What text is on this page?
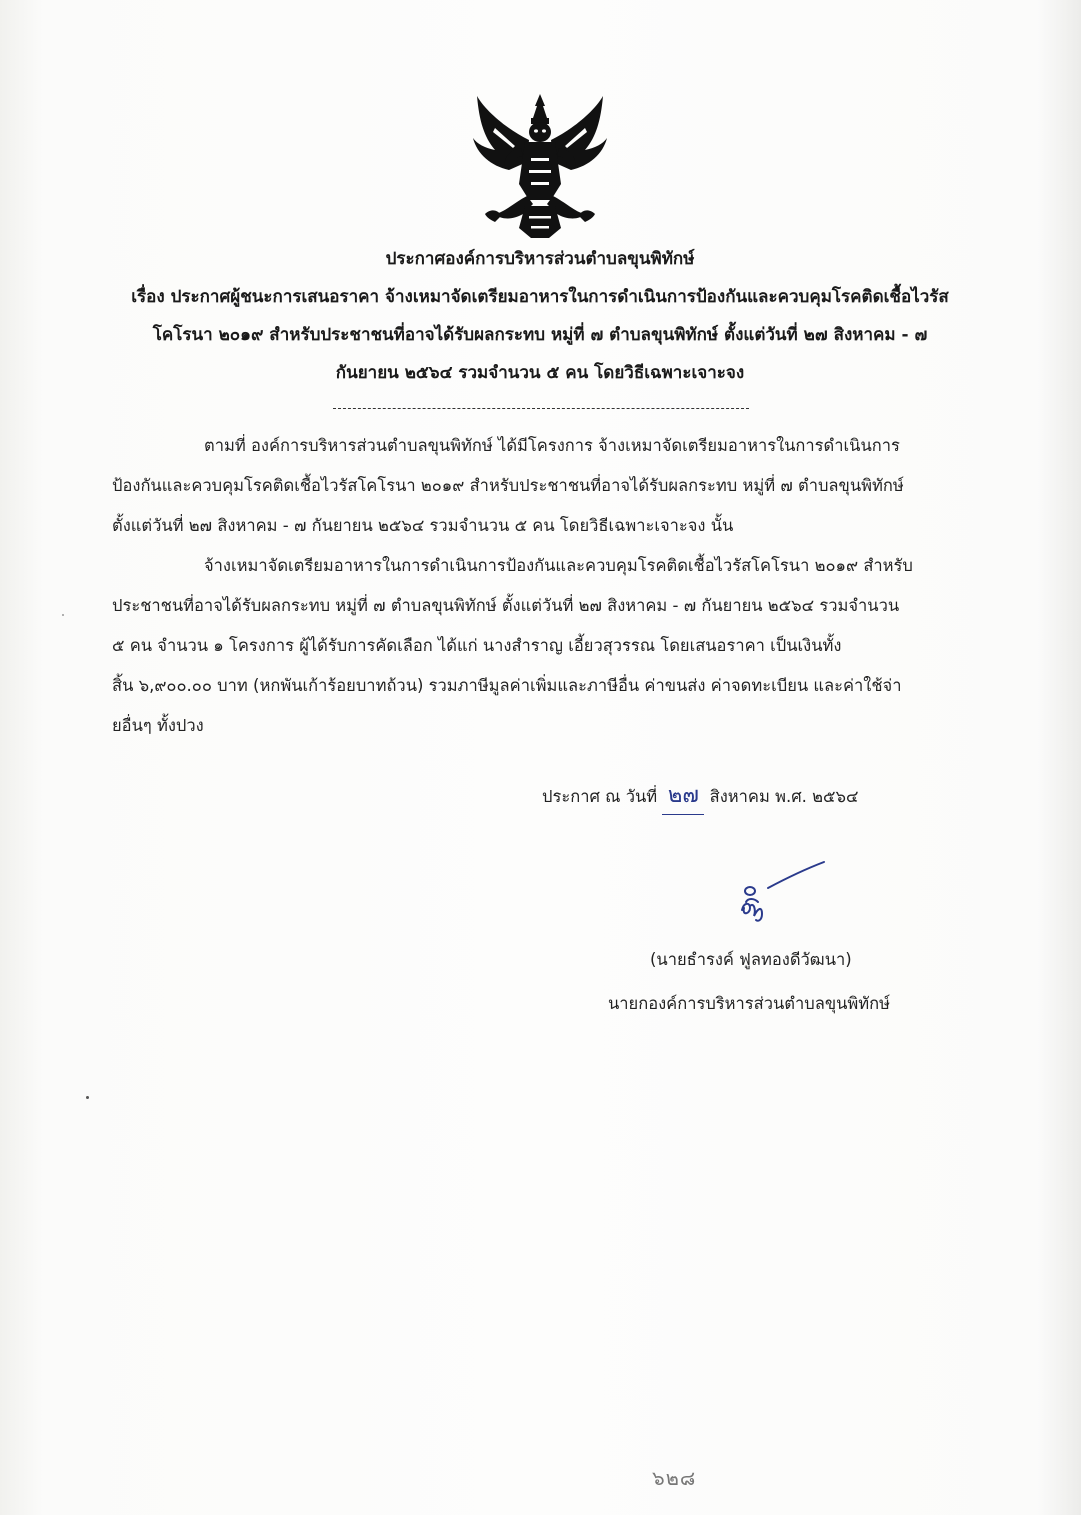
ประกาศองค์การบริหารส่วนตำบลขุนพิทักษ์
เรื่อง ประกาศผู้ชนะการเสนอราคา จ้างเหมาจัดเตรียมอาหารในการดำเนินการป้องกันและควบคุมโรคติดเชื้อไวรัส
โคโรนา ๒๐๑๙ สำหรับประชาชนที่อาจได้รับผลกระทบ หมู่ที่ ๗ ตำบลขุนพิทักษ์ ตั้งแต่วันที่ ๒๗ สิงหาคม - ๗
กันยายน ๒๕๖๔ รวมจำนวน ๕ คน โดยวิธีเฉพาะเจาะจง
ตามที่ องค์การบริหารส่วนตำบลขุนพิทักษ์ ได้มีโครงการ จ้างเหมาจัดเตรียมอาหารในการดำเนินการ
ป้องกันและควบคุมโรคติดเชื้อไวรัสโคโรนา ๒๐๑๙ สำหรับประชาชนที่อาจได้รับผลกระทบ หมู่ที่ ๗ ตำบลขุนพิทักษ์
ตั้งแต่วันที่ ๒๗ สิงหาคม - ๗ กันยายน ๒๕๖๔ รวมจำนวน ๕ คน โดยวิธีเฉพาะเจาะจง นั้น
จ้างเหมาจัดเตรียมอาหารในการดำเนินการป้องกันและควบคุมโรคติดเชื้อไวรัสโคโรนา ๒๐๑๙ สำหรับ
ประชาชนที่อาจได้รับผลกระทบ หมู่ที่ ๗ ตำบลขุนพิทักษ์ ตั้งแต่วันที่ ๒๗ สิงหาคม - ๗ กันยายน ๒๕๖๔ รวมจำนวน
๕ คน จำนวน ๑ โครงการ ผู้ได้รับการคัดเลือก ได้แก่ นางสำราญ เอี้ยวสุวรรณ โดยเสนอราคา เป็นเงินทั้ง
สิ้น ๖,๙๐๐.๐๐ บาท (หกพันเก้าร้อยบาทถ้วน) รวมภาษีมูลค่าเพิ่มและภาษีอื่น ค่าขนส่ง ค่าจดทะเบียน และค่าใช้จ่า
ยอื่นๆ ทั้งปวง
ประกาศ ณ วันที่ ๒๗ สิงหาคม พ.ศ. ๒๕๖๔
(นายธำรงค์ ฟูลทองดีวัฒนา)
นายกองค์การบริหารส่วนตำบลขุนพิทักษ์
๖๒๘
